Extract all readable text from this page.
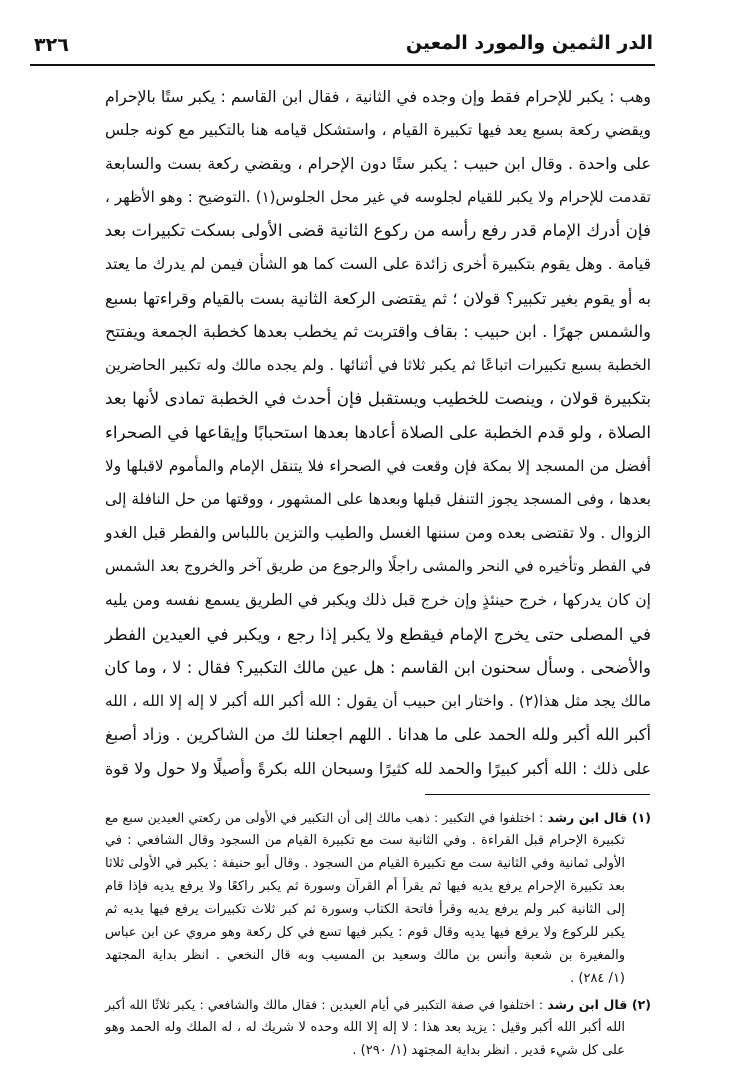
٣٢٦	الدر الثمين والمورد المعين
وهب : يكبر للإحرام فقط وإن وجده في الثانية ، فقال ابن القاسم : يكبر ستًا بالإحرام
ويقضي ركعة بسبع يعد فيها تكبيرة القيام ، واستشكل قيامه هنا بالتكبير مع كونه جلس
على واحدة . وقال ابن حبيب : يكبر ستًا دون الإحرام ، ويقضي ركعة بست والسابعة
تقدمت للإحرام ولا يكبر للقيام لجلوسه في غير محل الجلوس(١) .التوضيح : وهو الأظهر ،
فإن أدرك الإمام قدر رفع رأسه من ركوع الثانية قضى الأولى بسكت تكبيرات بعد
قيامة . وهل يقوم بتكبيرة أخرى زائدة على الست كما هو الشأن فيمن لم يدرك ما يعتد
به أو يقوم بغير تكبير؟ قولان ؛ ثم يقتضى الركعة الثانية بست بالقيام وقراءتها بسبع
والشمس جهرًا . ابن حبيب : بقاف واقتربت ثم يخطب بعدها كخطبة الجمعة ويفتتح
الخطبة بسبع تكبيرات اتباعًا ثم يكبر ثلاثا في أثنائها . ولم يجده مالك وله تكبير الحاضرين
بتكبيرة قولان ، وينصت للخطيب ويستقبل فإن أحدث في الخطبة تمادى لأنها بعد
الصلاة ، ولو قدم الخطبة على الصلاة أعادها بعدها استحبابًا وإيقاعها في الصحراء
أفضل من المسجد إلا بمكة فإن وقعت في الصحراء فلا يتنقل الإمام والمأموم لاقبلها ولا
بعدها ، وفى المسجد يجوز التنفل قبلها وبعدها على المشهور ، ووقتها من حل النافلة إلى
الزوال . ولا تقتضى بعده ومن سننها الغسل والطيب والتزين باللباس والفطر قبل الغدو
في الفطر وتأخيره في النحر والمشى راجلًا والرجوع من طريق آخر والخروج بعد الشمس
إن كان يدركها ، خرج حينئذٍ وإن خرج قبل ذلك ويكبر في الطريق يسمع نفسه ومن يليه
في المصلى حتى يخرج الإمام فيقطع ولا يكبر إذا رجع ، ويكبر في العيدين الفطر
والأضحى . وسأل سحنون ابن القاسم : هل عين مالك التكبير؟ فقال : لا ، وما كان
مالك يجد مثل هذا(٢) . واختار ابن حبيب أن يقول : الله أكبر الله أكبر لا إله إلا الله ، الله
أكبر الله أكبر ولله الحمد على ما هدانا . اللهم اجعلنا لك من الشاكرين . وزاد أصبغ
على ذلك : الله أكبر كبيرًا والحمد لله كثيرًا وسبحان الله بكرةً وأصيلًا ولا حول ولا قوة
(١) قال ابن رشد : اختلفوا في التكبير : ذهب مالك إلى أن التكبير في الأولى من ركعتي العيدين سبع مع
تكبيرة الإحرام قبل القراءة . وفي الثانية ست مع تكبيرة القيام من السجود وقال الشافعي : في
الأولى ثمانية وفي الثانية ست مع تكبيرة القيام من السجود . وقال أبو حنيفة : يكبر في الأولى ثلاثا
بعد تكبيرة الإحرام يرفع يديه فيها ثم يقرأ أم القرآن وسورة ثم يكبر راكعًا ولا يرفع يديه فإذا قام
إلى الثانية كبر ولم يرفع يديه وقرأ فاتحة الكتاب وسورة ثم كبر ثلاث تكبيرات يرفع فيها يديه ثم
يكبر للركوع ولا يرفع فيها يديه وقال قوم : يكبر فيها تسع في كل ركعة وهو مروي عن ابن عباس
والمغيرة بن شعبة وأنس بن مالك وسعيد بن المسيب وبه قال النخعي . انظر بداية المجتهد
(١/ ٢٨٤) .
(٢) قال ابن رشد : اختلفوا في صفة التكبير في أيام العيدين : فقال مالك والشافعي : يكبر ثلاثًا الله أكبر
الله أكبر الله أكبر وقيل : يزيد بعد هذا : لا إله إلا الله وحده لا شريك له ، له الملك وله الحمد وهو
على كل شيء قدير . انظر بداية المجتهد (١/ ٢٩٠) .
